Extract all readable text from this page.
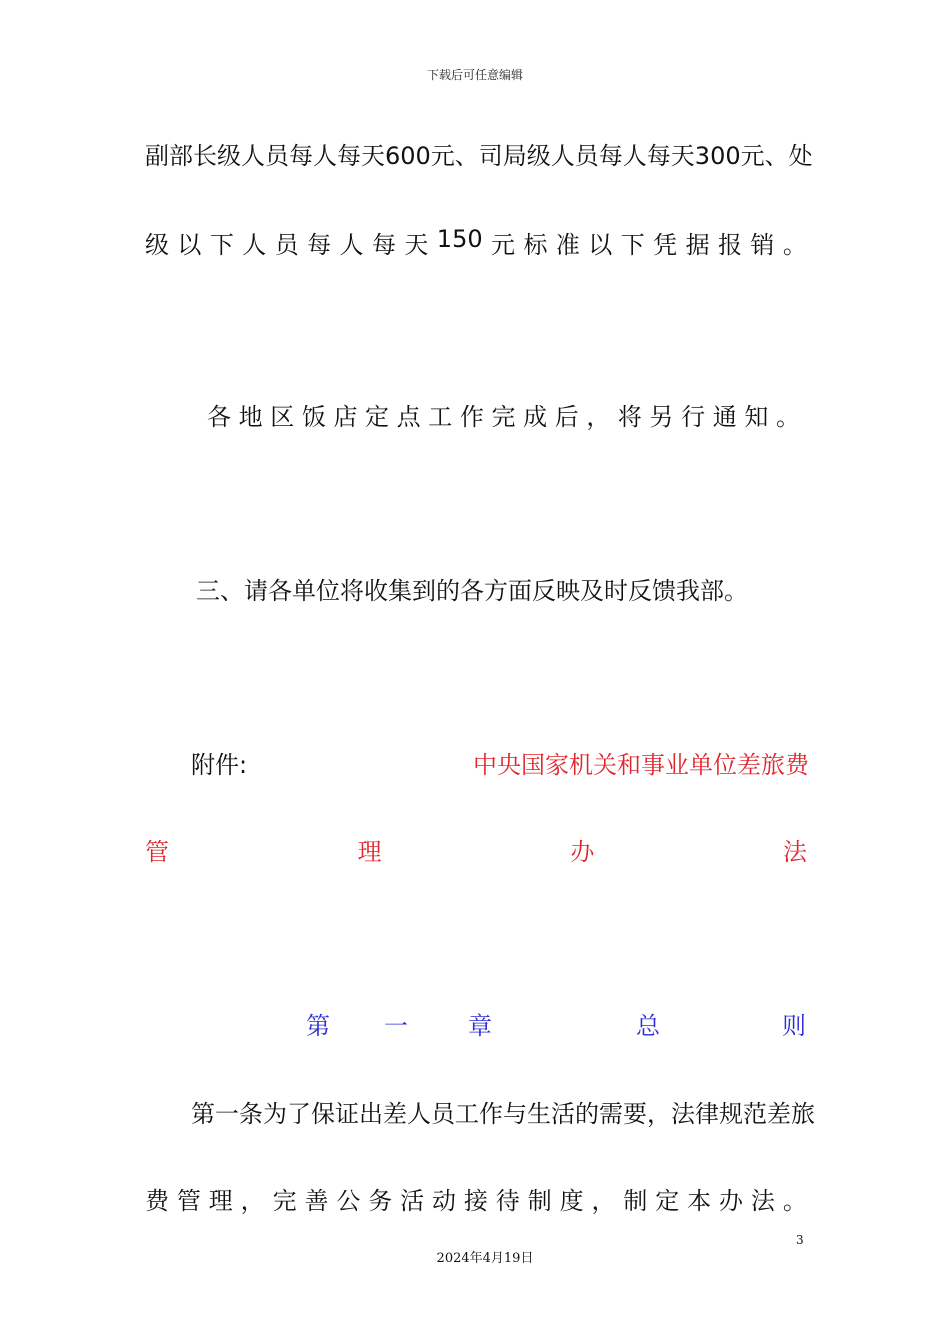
下载后可任意编辑
副部长级人员每人每天600元、司局级人员每人每天300元、处
级 以 下 人 员 每 人 每 天 150 元 标 准 以 下 凭 据 报 销 。
各 地 区 饭 店 定 点 工 作 完 成 后 ， 将 另 行 通 知 。
三、请各单位将收集到的各方面反映及时反馈我部。
附件:	中央国家机关和事业单位差旅费
管	理	办	法
第 一	章	总	则
第一条为了保证出差人员工作与生活的需要，法律规范差旅
费 管 理 ， 完 善 公 务 活 动 接 待 制 度 ， 制 定 本 办 法 。
3
2024年4月19日
